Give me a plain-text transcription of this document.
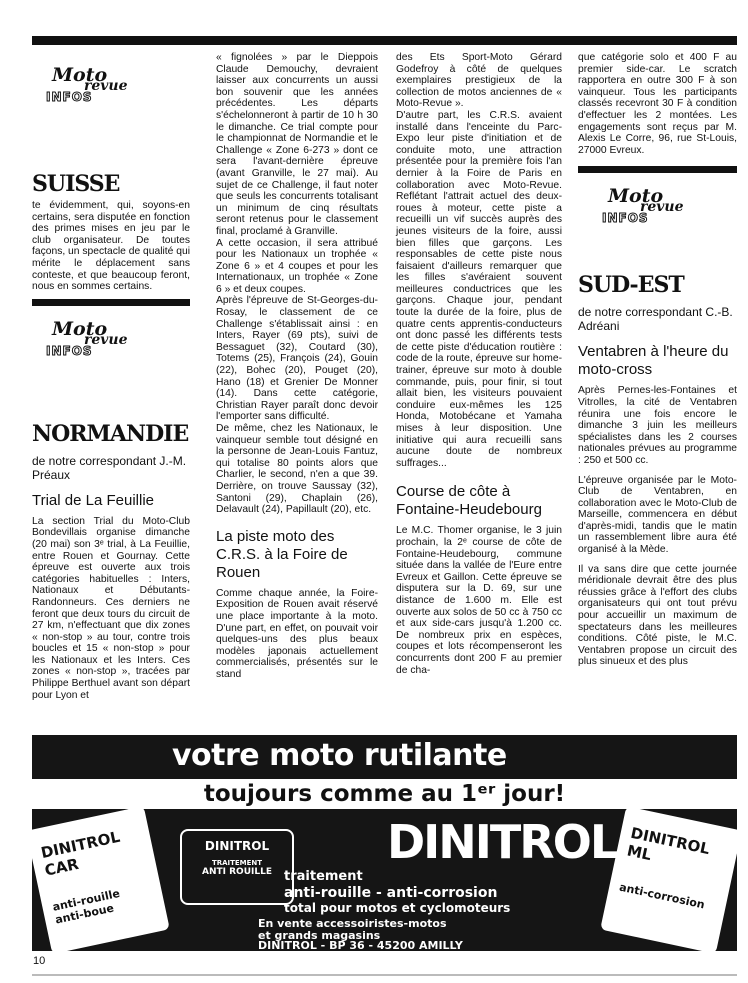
Moto
revue
INFOS
SUISSE

te évidemment, qui, soyons-en certains, sera disputée en fonction des primes mises en jeu par le club organisateur. De toutes façons, un spectacle de qualité qui mérite le déplacement sans conteste, et que beaucoup feront, nous en sommes certains.

Moto
revue
INFOS
NORMANDIE

de notre correspondant J.-M. Préaux

Trial de La Feuillie

La section Trial du Moto-Club Bondevillais organise dimanche (20 mai) son 3ᵉ trial, à La Feuillie, entre Rouen et Gournay. Cette épreuve est ouverte aux trois catégories habituelles : Inters, Nationaux et Débutants-Randonneurs. Ces derniers ne feront que deux tours du circuit de 27 km, n'effectuant que dix zones « non-stop » au tour, contre trois boucles et 15 « non-stop » pour les Nationaux et les Inters. Ces zones « non-stop », tracées par Philippe Berthuel avant son départ pour Lyon et

« fignolées » par le Dieppois Claude Demouchy, devraient laisser aux concurrents un aussi bon souvenir que les années précédentes. Les départs s'échelonneront à partir de 10 h 30 le dimanche. Ce trial compte pour le championnat de Normandie et le Challenge « Zone 6-273 » dont ce sera l'avant-dernière épreuve (avant Granville, le 27 mai). Au sujet de ce Challenge, il faut noter que seuls les concurrents totalisant un minimum de cinq résultats seront retenus pour le classement final, proclamé à Granville.

A cette occasion, il sera attribué pour les Nationaux un trophée « Zone 6 » et 4 coupes et pour les Internationaux, un trophée « Zone 6 » et deux coupes.

Après l'épreuve de St-Georges-du-Rosay, le classement de ce Challenge s'établissait ainsi : en Inters, Rayer (69 pts), suivi de Bessaguet (32), Coutard (30), Totems (25), François (24), Gouin (22), Bohec (20), Pouget (20), Hano (18) et Grenier De Monner (14). Dans cette catégorie, Christian Rayer paraît donc devoir l'emporter sans difficulté.

De même, chez les Nationaux, le vainqueur semble tout désigné en la personne de Jean-Louis Fantuz, qui totalise 80 points alors que Charlier, le second, n'en a que 39. Derrière, on trouve Saussay (32), Santoni (29), Chaplain (26), Delavault (24), Papillault (20), etc.

La piste moto des C.R.S. à la Foire de Rouen

Comme chaque année, la Foire-Exposition de Rouen avait réservé une place importante à la moto. D'une part, en effet, on pouvait voir quelques-uns des plus beaux modèles japonais actuellement commercialisés, présentés sur le stand

des Ets Sport-Moto Gérard Godefroy à côté de quelques exemplaires prestigieux de la collection de motos anciennes de « Moto-Revue ».

D'autre part, les C.R.S. avaient installé dans l'enceinte du Parc-Expo leur piste d'initiation et de conduite moto, une attraction présentée pour la première fois l'an dernier à la Foire de Paris en collaboration avec Moto-Revue. Reflétant l'attrait actuel des deux-roues à moteur, cette piste a recueilli un vif succès auprès des jeunes visiteurs de la foire, aussi bien filles que garçons. Les responsables de cette piste nous faisaient d'ailleurs remarquer que les filles s'avéraient souvent meilleures conductrices que les garçons. Chaque jour, pendant toute la durée de la foire, plus de quatre cents apprentis-conducteurs ont donc passé les différents tests de cette piste d'éducation routière : code de la route, épreuve sur home-trainer, épreuve sur moto à double commande, puis, pour finir, si tout allait bien, les visiteurs pouvaient conduire eux-mêmes les 125 Honda, Motobécane et Yamaha mises à leur disposition. Une initiative qui aura recueilli sans aucune doute de nombreux suffrages...

Course de côte à Fontaine-Heudebourg

Le M.C. Thomer organise, le 3 juin prochain, la 2ᵉ course de côte de Fontaine-Heudebourg, commune située dans la vallée de l'Eure entre Evreux et Gaillon. Cette épreuve se disputera sur la D. 69, sur une distance de 1.600 m. Elle est ouverte aux solos de 50 cc à 750 cc et aux side-cars jusqu'à 1.200 cc. De nombreux prix en espèces, coupes et lots récompenseront les concurrents dont 200 F au premier de cha-

que catégorie solo et 400 F au premier side-car. Le scratch rapportera en outre 300 F à son vainqueur. Tous les participants classés recevront 30 F à condition d'effectuer les 2 montées. Les engagements sont reçus par M. Alexis Le Corre, 96, rue St-Louis, 27000 Evreux.

Moto
revue
INFOS
SUD-EST

de notre correspondant C.-B. Adréani

Ventabren à l'heure du moto-cross

Après Pernes-les-Fontaines et Vitrolles, la cité de Ventabren réunira une fois encore le dimanche 3 juin les meilleurs spécialistes dans les 2 courses nationales prévues au programme : 250 et 500 cc.

L'épreuve organisée par le Moto-Club de Ventabren, en collaboration avec le Moto-Club de Marseille, commencera en début d'après-midi, tandis que le matin un rassemblement libre aura été organisé à la Mède.

Il va sans dire que cette journée méridionale devrait être des plus réussies grâce à l'effort des clubs organisateurs qui ont tout prévu pour accueillir un maximum de spectateurs dans les meilleures conditions. Côté piste, le M.C. Ventabren propose un circuit des plus sinueux et des plus

votre moto rutilante
toujours comme au 1ᵉʳ jour!
DINITROL CAR
anti-rouille anti-boue
DINITROL
TRAITEMENT
ANTI ROUILLE
DINITROL
traitement
anti-rouille - anti-corrosion
total pour motos et cyclomoteurs
En vente accessoiristes-motos
et grands magasins
DINITROL - BP 36 - 45200 AMILLY
DINITROL ML
anti-corrosion
10
